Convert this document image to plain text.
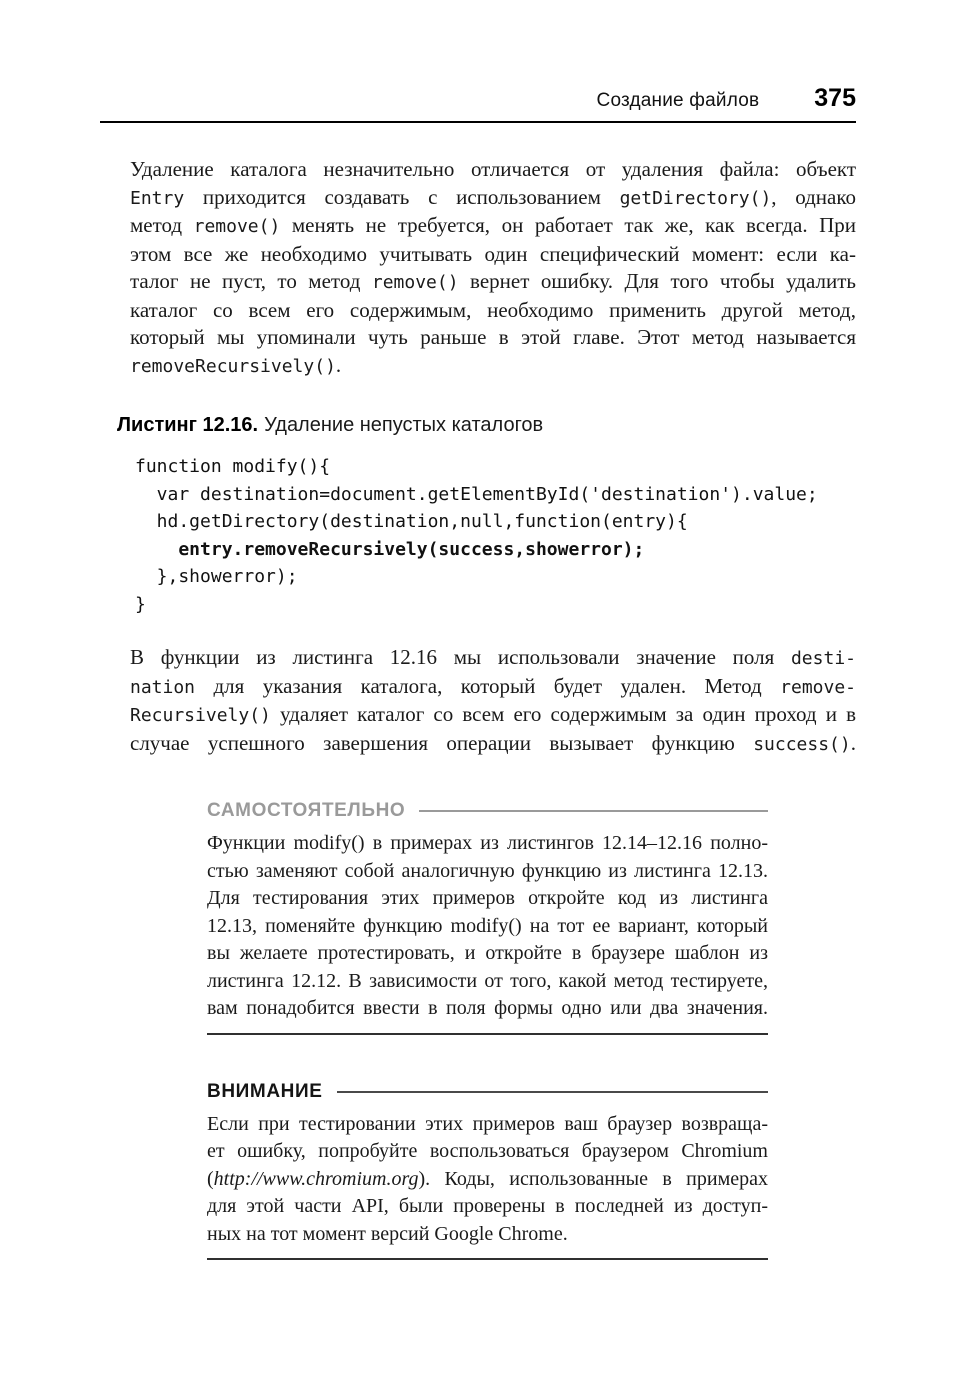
Создание файлов 375
Удаление каталога незначительно отличается от удаления файла: объект
Entry приходится создавать с использованием getDirectory(), однако
метод remove() менять не требуется, он работает так же, как всегда. При
этом все же необходимо учитывать один специфический момент: если ка-
талог не пуст, то метод remove() вернет ошибку. Для того чтобы удалить
каталог со всем его содержимым, необходимо применить другой метод,
который мы упоминали чуть раньше в этой главе. Этот метод называется
removeRecursively().
Листинг 12.16. Удаление непустых каталогов
function modify(){
var destination=document.getElementById('destination').value;
hd.getDirectory(destination,null,function(entry){
entry.removeRecursively(success,showerror);
},showerror);
}
В функции из листинга 12.16 мы использовали значение поля desti-
nation для указания каталога, который будет удален. Метод remove-
Recursively() удаляет каталог со всем его содержимым за один проход и в
случае успешного завершения операции вызывает функцию success().
САМОСТОЯТЕЛЬНО
Функции modify() в примерах из листингов 12.14–12.16 полно-
стью заменяют собой аналогичную функцию из листинга 12.13.
Для тестирования этих примеров откройте код из листинга
12.13, поменяйте функцию modify() на тот ее вариант, который
вы желаете протестировать, и откройте в браузере шаблон из
листинга 12.12. В зависимости от того, какой метод тестируете,
вам понадобится ввести в поля формы одно или два значения.
ВНИМАНИЕ
Если при тестировании этих примеров ваш браузер возвраща-
ет ошибку, попробуйте воспользоваться браузером Chromium
(http://www.chromium.org). Коды, использованные в примерах
для этой части API, были проверены в последней из доступ-
ных на тот момент версий Google Chrome.
